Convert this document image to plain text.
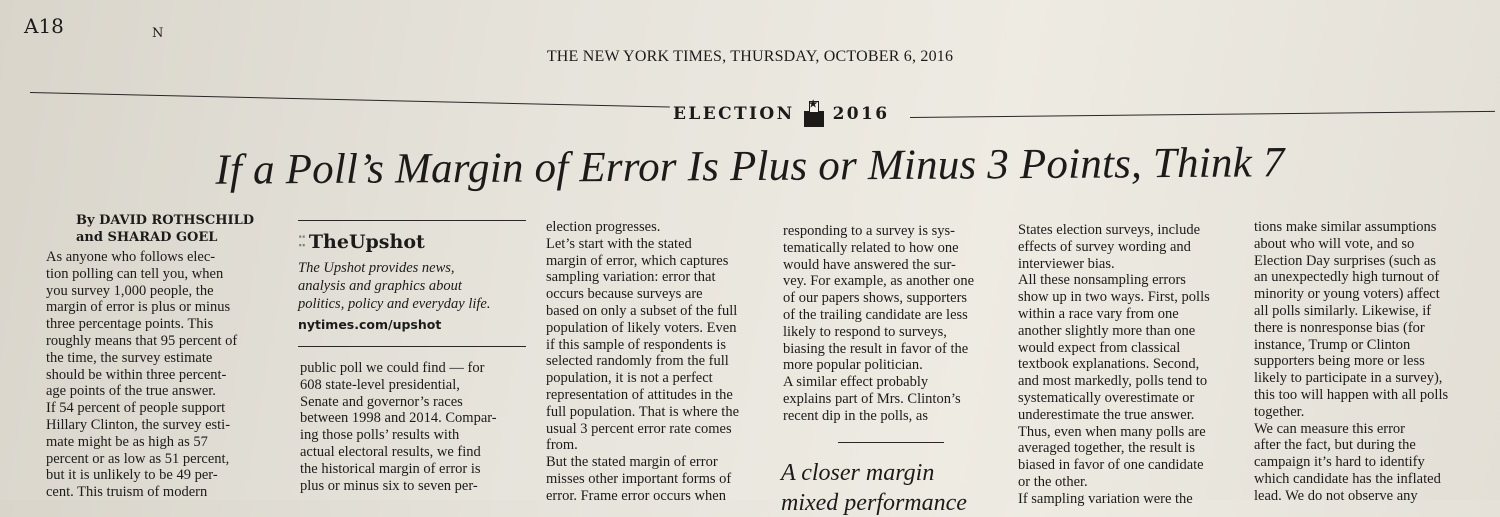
A18	N
THE NEW YORK TIMES, THURSDAY, OCTOBER 6, 2016
ELECTION ★ 2016
If a Poll’s Margin of Error Is Plus or Minus 3 Points, Think 7
By DAVID ROTHSCHILD
and SHARAD GOEL

As anyone who follows elec-

tion polling can tell you, when

you survey 1,000 people, the

margin of error is plus or minus

three percentage points. This

roughly means that 95 percent of

the time, the survey estimate

should be within three percent-

age points of the true answer.

If 54 percent of people support

Hillary Clinton, the survey esti-

mate might be as high as 57

percent or as low as 51 percent,

but it is unlikely to be 49 per-

cent. This truism of modern

⁚⁚ TheUpshot

The Upshot provides news,

analysis and graphics about

politics, policy and everyday life.

nytimes.com/upshot

public poll we could find — for

608 state-level presidential,

Senate and governor’s races

between 1998 and 2014. Compar-

ing those polls’ results with

actual electoral results, we find

the historical margin of error is

plus or minus six to seven per-

election progresses.

Let’s start with the stated

margin of error, which captures

sampling variation: error that

occurs because surveys are

based on only a subset of the full

population of likely voters. Even

if this sample of respondents is

selected randomly from the full

population, it is not a perfect

representation of attitudes in the

full population. That is where the

usual 3 percent error rate comes

from.

But the stated margin of error

misses other important forms of

error. Frame error occurs when

responding to a survey is sys-

tematically related to how one

would have answered the sur-

vey. For example, as another one

of our papers shows, supporters

of the trailing candidate are less

likely to respond to surveys,

biasing the result in favor of the

more popular politician.

A similar effect probably

explains part of Mrs. Clinton’s

recent dip in the polls, as

A closer margin
mixed performance

States election surveys, include

effects of survey wording and

interviewer bias.

All these nonsampling errors

show up in two ways. First, polls

within a race vary from one

another slightly more than one

would expect from classical

textbook explanations. Second,

and most markedly, polls tend to

systematically overestimate or

underestimate the true answer.

Thus, even when many polls are

averaged together, the result is

biased in favor of one candidate

or the other.

If sampling variation were the

tions make similar assumptions

about who will vote, and so

Election Day surprises (such as

an unexpectedly high turnout of

minority or young voters) affect

all polls similarly. Likewise, if

there is nonresponse bias (for

instance, Trump or Clinton

supporters being more or less

likely to participate in a survey),

this too will happen with all polls

together.

We can measure this error

after the fact, but during the

campaign it’s hard to identify

which candidate has the inflated

lead. We do not observe any
